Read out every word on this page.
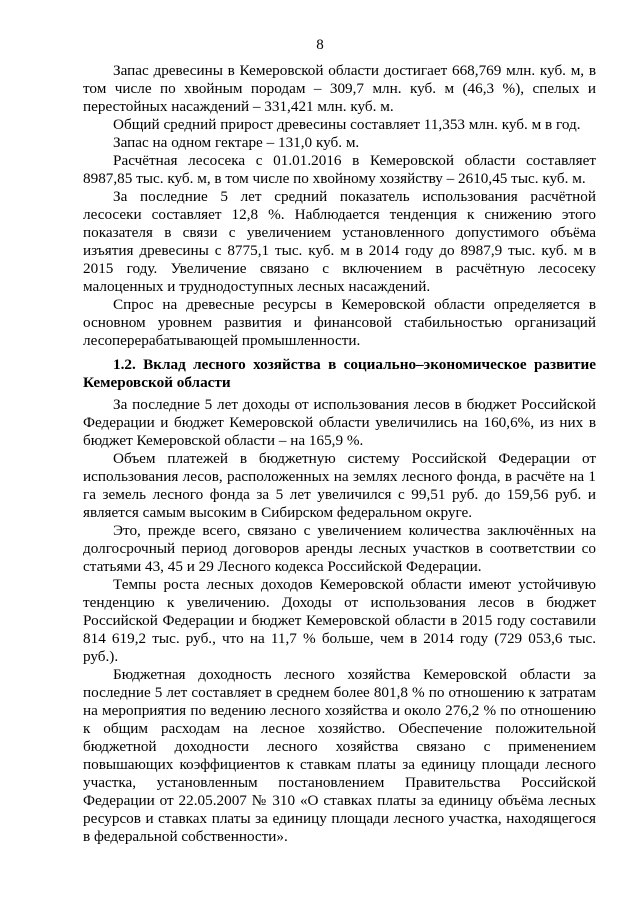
8

Запас древесины в Кемеровской области достигает 668,769 млн. куб. м, в том числе по хвойным породам – 309,7 млн. куб. м (46,3 %), спелых и перестойных насаждений – 331,421 млн. куб. м.

Общий средний прирост древесины составляет 11,353 млн. куб. м в год.

Запас на одном гектаре – 131,0 куб. м.

Расчётная лесосека с 01.01.2016 в Кемеровской области составляет 8987,85 тыс. куб. м, в том числе по хвойному хозяйству – 2610,45 тыс. куб. м.

За последние 5 лет средний показатель использования расчётной лесосеки составляет 12,8 %. Наблюдается тенденция к снижению этого показателя в связи с увеличением установленного допустимого объёма изъятия древесины с 8775,1 тыс. куб. м в 2014 году до 8987,9 тыс. куб. м в 2015 году. Увеличение связано с включением в расчётную лесосеку малоценных и труднодоступных лесных насаждений.

Спрос на древесные ресурсы в Кемеровской области определяется в основном уровнем развития и финансовой стабильностью организаций лесоперерабатывающей промышленности.

1.2. Вклад лесного хозяйства в социально–экономическое развитие Кемеровской области

За последние 5 лет доходы от использования лесов в бюджет Российской Федерации и бюджет Кемеровской области увеличились на 160,6%, из них в бюджет Кемеровской области – на 165,9 %.

Объем платежей в бюджетную систему Российской Федерации от использования лесов, расположенных на землях лесного фонда, в расчёте на 1 га земель лесного фонда за 5 лет увеличился с 99,51 руб. до 159,56 руб. и является самым высоким в Сибирском федеральном округе.

Это, прежде всего, связано с увеличением количества заключённых на долгосрочный период договоров аренды лесных участков в соответствии со статьями 43, 45 и 29 Лесного кодекса Российской Федерации.

Темпы роста лесных доходов Кемеровской области имеют устойчивую тенденцию к увеличению. Доходы от использования лесов в бюджет Российской Федерации и бюджет Кемеровской области в 2015 году составили 814 619,2 тыс. руб., что на 11,7 % больше, чем в 2014 году (729 053,6 тыс. руб.).

Бюджетная доходность лесного хозяйства Кемеровской области за последние 5 лет составляет в среднем более 801,8 % по отношению к затратам на мероприятия по ведению лесного хозяйства и около 276,2 % по отношению к общим расходам на лесное хозяйство. Обеспечение положительной бюджетной доходности лесного хозяйства связано с применением повышающих коэффициентов к ставкам платы за единицу площади лесного участка, установленным постановлением Правительства Российской Федерации от 22.05.2007 № 310 «О ставках платы за единицу объёма лесных ресурсов и ставках платы за единицу площади лесного участка, находящегося в федеральной собственности».
